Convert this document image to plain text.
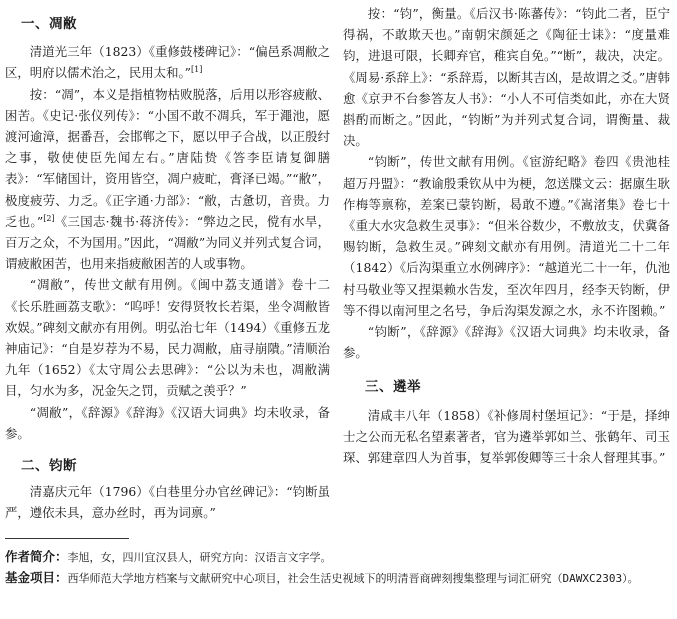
一、凋敝

清道光三年（1823）《重修鼓楼碑记》：“偏邑系凋敝之区，明府以儒术治之，民用太和。”[1]

按：“凋”，本义是指植物枯败脱落，后用以形容疲敝、困苦。《史记·张仪列传》：“小国不敢不凋兵，军于澠池，愿渡河逾漳，据番吾，会邯郸之下，愿以甲子合战，以正殷纣之事，敬使使臣先闻左右。”唐陆贽《答李臣请复御膳表》：“军储国计，资用皆空，凋户疲甿，膏泽已竭。”“敝”，极度疲劳、力乏。《正字通·力部》：“敝，古惫切，音贵。力乏也。”[2]《三国志·魏书·蒋济传》：“弊边之民，傥有水旱，百万之众，不为国用。”因此，“凋敝”为同义并列式复合词，谓疲敝困苦，也用来指疲敝困苦的人或事物。

“凋敝”，传世文献有用例。《闽中荔支通谱》卷十二《长乐胜画荔支歌》：“呜呼！安得贤牧长若渠，坐令凋敝皆欢娱。”碑刻文献亦有用例。明弘治七年（1494）《重修五龙神庙记》：“自是岁荐为不易，民力凋敝，庙寻崩隤。”清顺治九年（1652）《太守周公去思碑》：“公以为未也，凋敝满目，匀水为多，况金矢之罚，贡赋之羡乎？”

“凋敝”，《辞源》《辞海》《汉语大词典》均未收录，备参。

二、钧断

清嘉庆元年（1796）《白巷里分办官丝碑记》：“钧断虽严，遵依未具，意办丝时，再为词禀。”

按：“钧”，衡量。《后汉书·陈蕃传》：“钧此二者，臣宁得祸，不敢欺天也。”南朝宋颜延之《陶征士诔》：“度量难钧，进退可限，长卿弃官，稚宾自免。”“断”，裁决，决定。《周易·系辞上》：“系辞焉，以断其吉凶，是故谓之爻。”唐韩愈《京尹不台参答友人书》：“小人不可信类如此，亦在大贤斟酌而断之。”因此，“钧断”为并列式复合词，谓衡量、裁决。

“钧断”，传世文献有用例。《宦游纪略》卷四《贵池桂超万丹盟》：“教谕殷秉钦从中为梗，忽送牒文云：据廪生耿作梅等禀称，差案已蒙钧断，曷敢不遵。”《嵩渚集》卷七十《重大水灾急救生灵事》：“但米谷数少，不敷放支，伏冀备赐钧断，急救生灵。”碑刻文献亦有用例。清道光二十二年（1842）《后沟渠重立水例碑序》：“越道光二十一年，仇池村马敬业等又捏渠赖水告发，至次年四月，经李天钧断，伊等不得以南河里之名号，争后沟渠发源之水，永不许图赖。”

“钧断”，《辞源》《辞海》《汉语大词典》均未收录，备参。

三、遴举

清咸丰八年（1858）《补修周村堡垣记》：“于是，择绅士之公而无私名望素著者，官为遴举郭如兰、张鹤年、司玉琛、郭建章四人为首事，复举郭俊卿等三十余人督理其事。”

作者简介：李旭，女，四川宜汉县人，研究方向：汉语言文字学。

基金项目：西华师范大学地方档案与文献研究中心项目，社会生活史视域下的明清晋商碑刻搜集整理与词汇研究（DAWXC2303）。
